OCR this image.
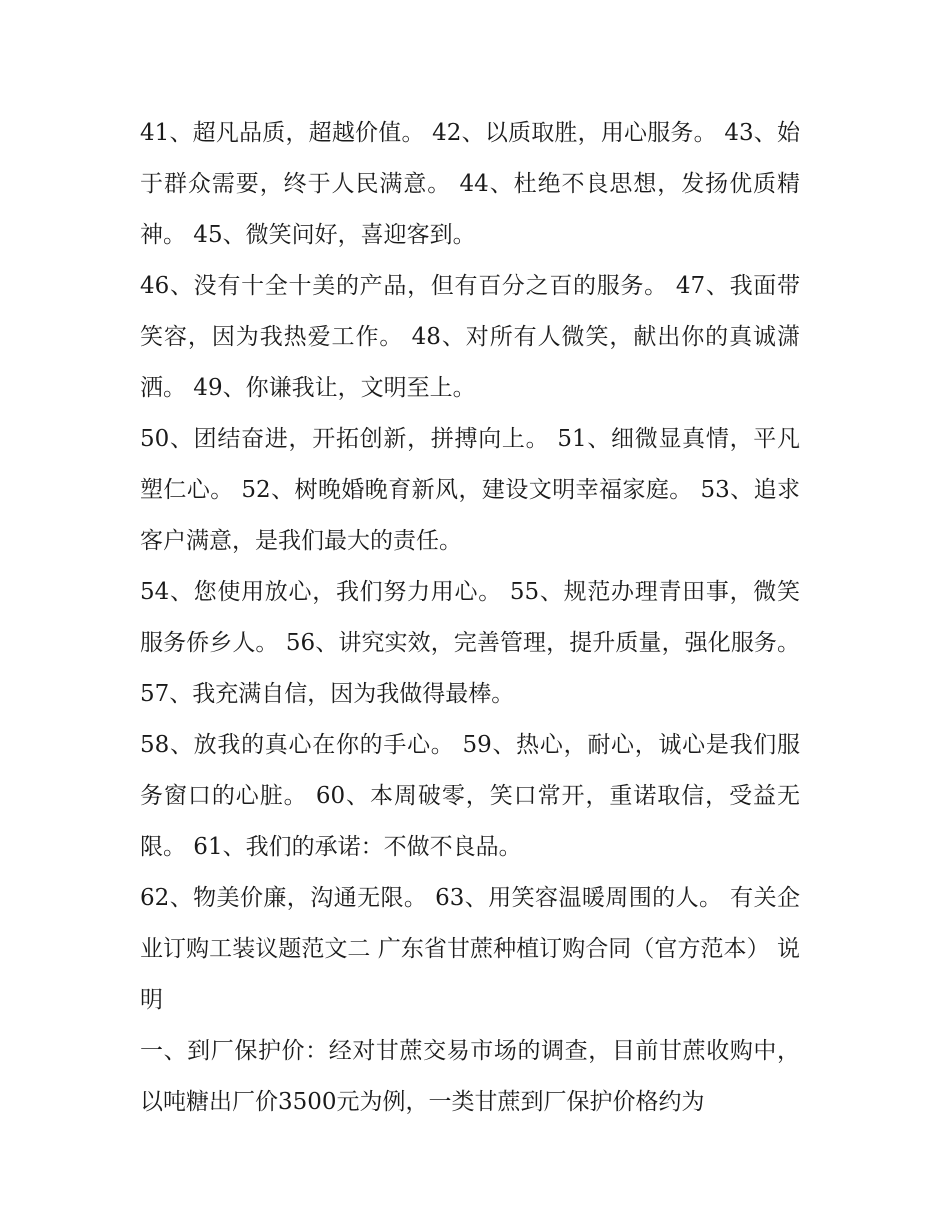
41、超凡品质，超越价值。 42、以质取胜，用心服务。 43、始于群众需要，终于人民满意。 44、杜绝不良思想，发扬优质精神。 45、微笑问好，喜迎客到。

46、没有十全十美的产品，但有百分之百的服务。 47、我面带笑容，因为我热爱工作。 48、对所有人微笑，献出你的真诚潇洒。 49、你谦我让，文明至上。

50、团结奋进，开拓创新，拼搏向上。 51、细微显真情，平凡塑仁心。 52、树晚婚晚育新风，建设文明幸福家庭。 53、追求客户满意，是我们最大的责任。

54、您使用放心，我们努力用心。 55、规范办理青田事，微笑服务侨乡人。 56、讲究实效，完善管理，提升质量，强化服务。 57、我充满自信，因为我做得最棒。

58、放我的真心在你的手心。 59、热心，耐心，诚心是我们服务窗口的心脏。 60、本周破零，笑口常开，重诺取信，受益无限。 61、我们的承诺：不做不良品。

62、物美价廉，沟通无限。 63、用笑容温暖周围的人。 有关企业订购工装议题范文二 广东省甘蔗种植订购合同（官方范本） 说 明

一、到厂保护价：经对甘蔗交易市场的调查，目前甘蔗收购中，以吨糖出厂价3500元为例，一类甘蔗到厂保护价格约为
